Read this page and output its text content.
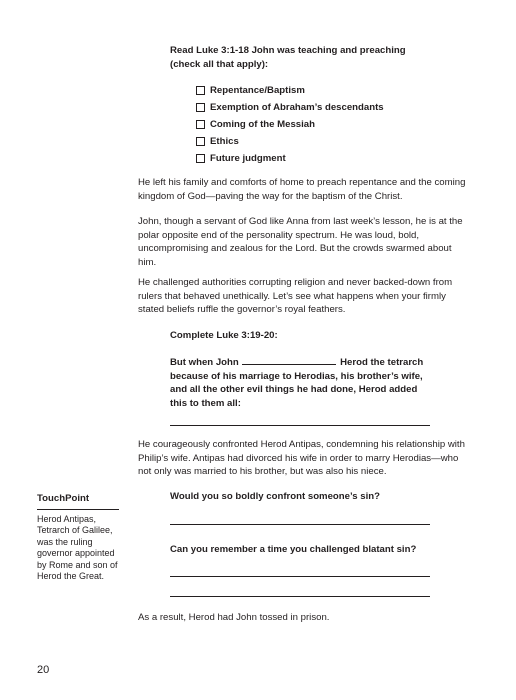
Read Luke 3:1-18 John was teaching and preaching
(check all that apply):
Repentance/Baptism
Exemption of Abraham’s descendants
Coming of the Messiah
Ethics
Future judgment
He left his family and comforts of home to preach repentance and the coming kingdom of God—paving the way for the baptism of the Christ.
John, though a servant of God like Anna from last week’s lesson, he is at the polar opposite end of the personality spectrum. He was loud, bold, uncompromising and zealous for the Lord. But the crowds swarmed about him.
He challenged authorities corrupting religion and never backed-down from rulers that behaved unethically. Let’s see what happens when your firmly stated beliefs ruffle the governor’s royal feathers.
Complete Luke 3:19-20:
But when John	Herod the tetrarch because of his marriage to Herodias, his brother’s wife, and all the other evil things he had done, Herod added this to them all:
He courageously confronted Herod Antipas, condemning his relationship with Philip’s wife. Antipas had divorced his wife in order to marry Herodias—who not only was married to his brother, but was also his niece.
TouchPoint
Herod Antipas, Tetrarch of Galilee, was the ruling governor appointed by Rome and son of Herod the Great.
Would you so boldly confront someone’s sin?
Can you remember a time you challenged blatant sin?
As a result, Herod had John tossed in prison.
20
